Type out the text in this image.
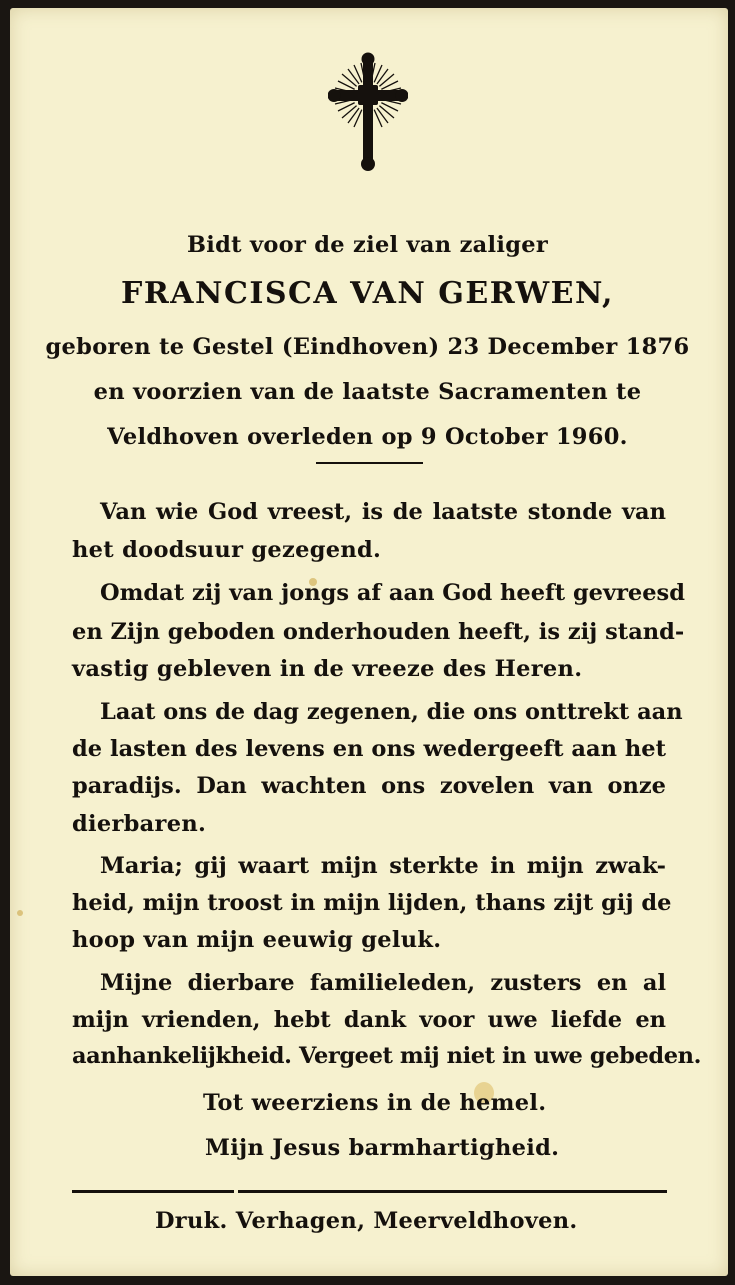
Bidt voor de ziel van zaliger
FRANCISCA VAN GERWEN,
geboren te Gestel (Eindhoven) 23 December 1876
en voorzien van de laatste Sacramenten te
Veldhoven overleden op 9 October 1960.
Van wie God vreest, is de laatste stonde van
het doodsuur gezegend.
Omdat zij van jongs af aan God heeft gevreesd
en Zijn geboden onderhouden heeft, is zij stand-
vastig gebleven in de vreeze des Heren.
Laat ons de dag zegenen, die ons onttrekt aan
de lasten des levens en ons wedergeeft aan het
paradijs. Dan wachten ons zovelen van onze
dierbaren.
Maria; gij waart mijn sterkte in mijn zwak-
heid, mijn troost in mijn lijden, thans zijt gij de
hoop van mijn eeuwig geluk.
Mijne dierbare familieleden, zusters en al
mijn vrienden, hebt dank voor uwe liefde en
aanhankelijkheid. Vergeet mij niet in uwe gebeden.
Tot weerziens in de hemel.
Mijn Jesus barmhartigheid.
Druk. Verhagen, Meerveldhoven.
